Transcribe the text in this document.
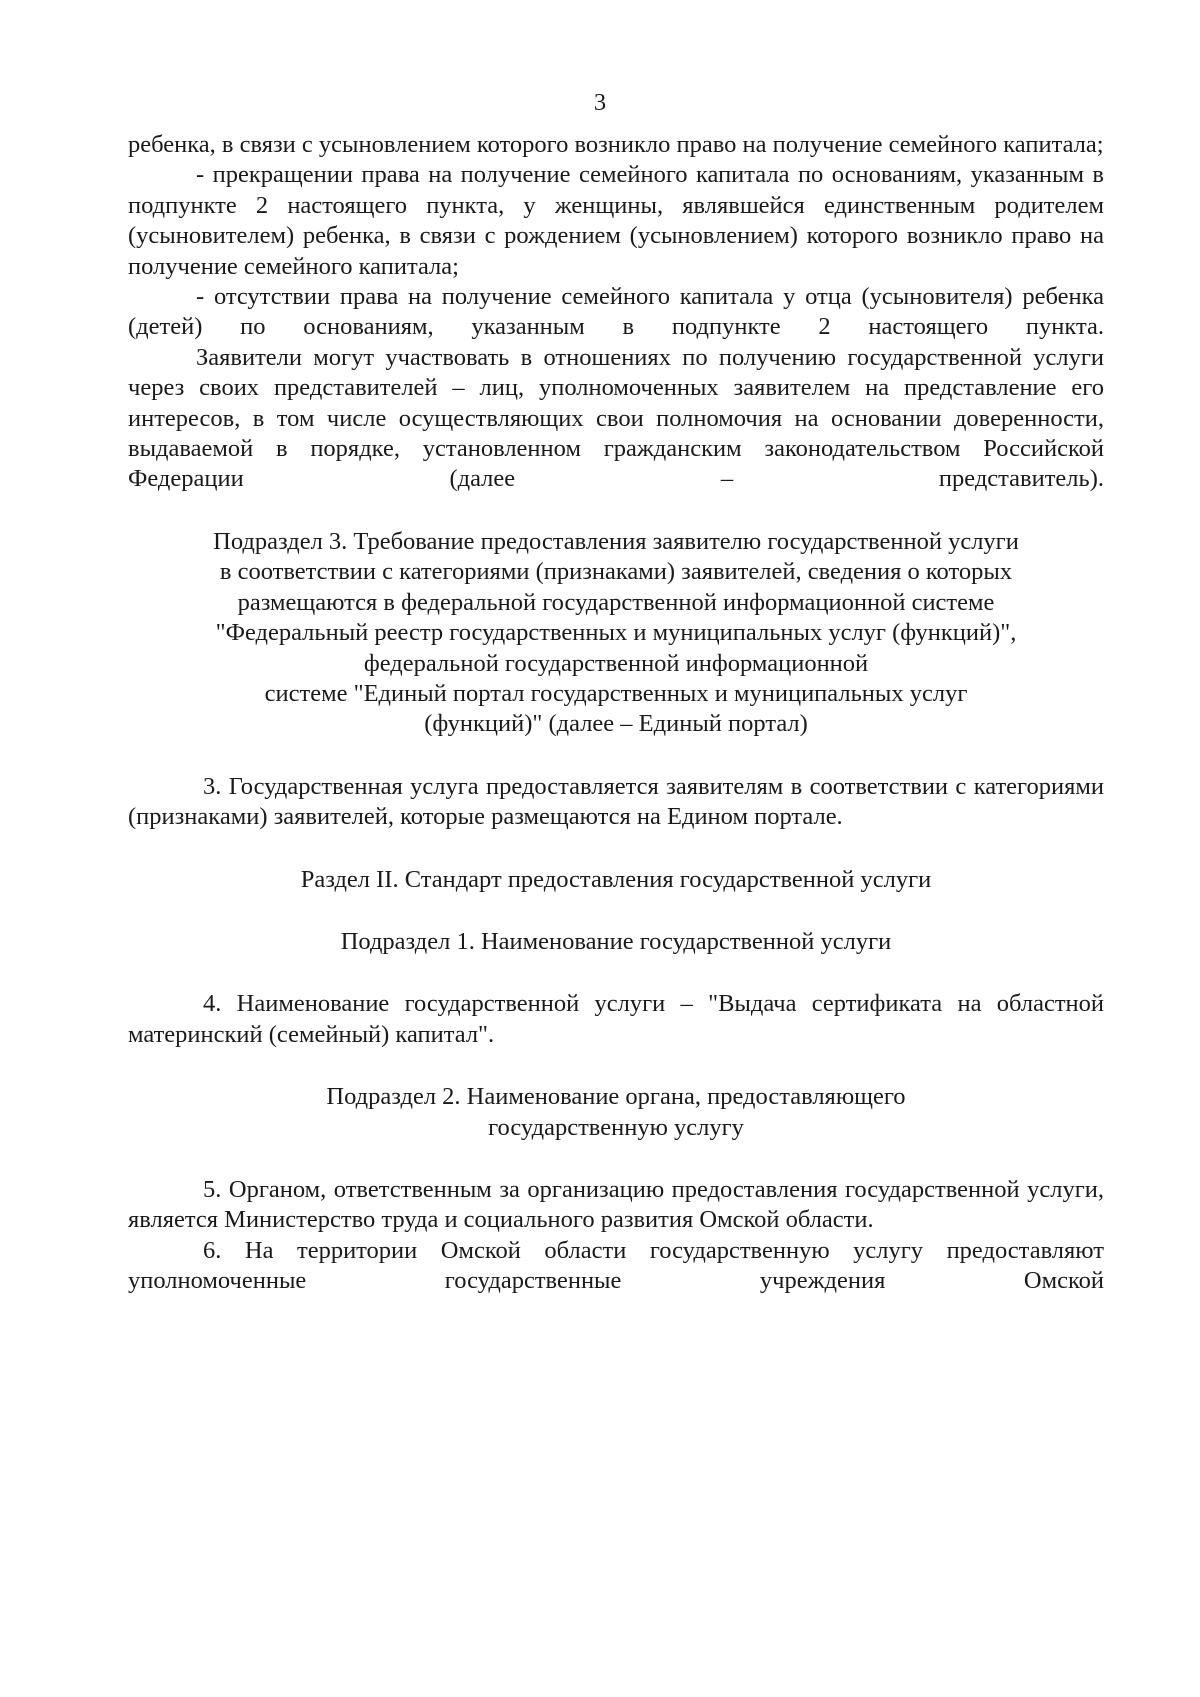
3

ребенка, в связи с усыновлением которого возникло право на получение семейного капитала;

- прекращении права на получение семейного капитала по основаниям, указанным в подпункте 2 настоящего пункта, у женщины, являвшейся единственным родителем (усыновителем) ребенка, в связи с рождением (усыновлением) которого возникло право на получение семейного капитала;

- отсутствии права на получение семейного капитала у отца (усыновителя) ребенка (детей) по основаниям, указанным в подпункте 2 настоящего пункта.

Заявители могут участвовать в отношениях по получению государственной услуги через своих представителей – лиц, уполномоченных заявителем на представление его интересов, в том числе осуществляющих свои полномочия на основании доверенности, выдаваемой в порядке, установленном гражданским законодательством Российской Федерации (далее – представитель).

Подраздел 3. Требование предоставления заявителю государственной услуги
в соответствии с категориями (признаками) заявителей, сведения о которых
размещаются в федеральной государственной информационной системе
"Федеральный реестр государственных и муниципальных услуг (функций)",
федеральной государственной информационной
системе "Единый портал государственных и муниципальных услуг
(функций)" (далее – Единый портал)

3. Государственная услуга предоставляется заявителям в соответствии с категориями (признаками) заявителей, которые размещаются на Едином портале.

Раздел II. Стандарт предоставления государственной услуги
Подраздел 1. Наименование государственной услуги

4. Наименование государственной услуги – "Выдача сертификата на областной материнский (семейный) капитал".

Подраздел 2. Наименование органа, предоставляющего
государственную услугу

5. Органом, ответственным за организацию предоставления государственной услуги, является Министерство труда и социального развития Омской области.

6. На территории Омской области государственную услугу предоставляют уполномоченные государственные учреждения Омской
